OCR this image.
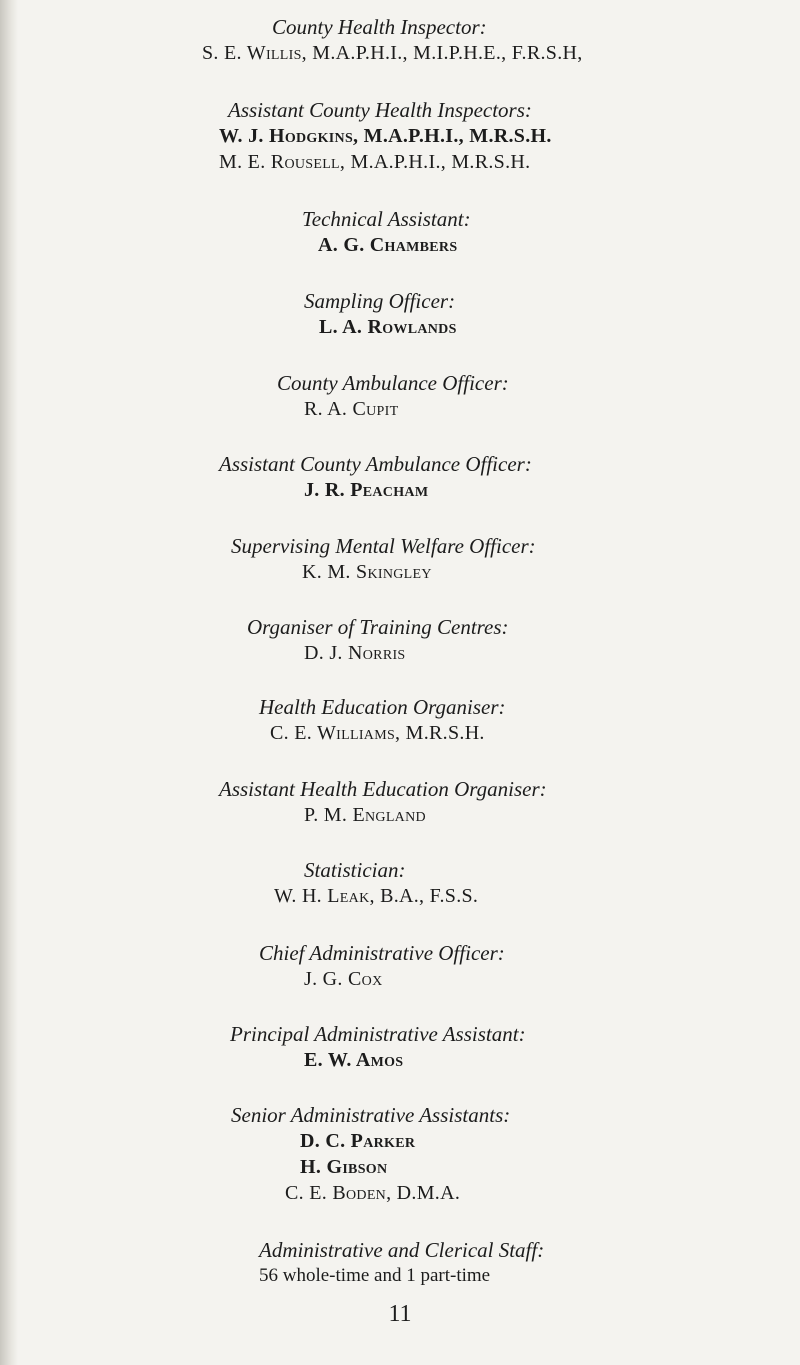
County Health Inspector:
S. E. Willis, M.A.P.H.I., M.I.P.H.E., F.R.S.H,
Assistant County Health Inspectors:
W. J. Hodgkins, M.A.P.H.I., M.R.S.H.
M. E. Rousell, M.A.P.H.I., M.R.S.H.
Technical Assistant:
A. G. Chambers
Sampling Officer:
L. A. Rowlands
County Ambulance Officer:
R. A. Cupit
Assistant County Ambulance Officer:
J. R. Peacham
Supervising Mental Welfare Officer:
K. M. Skingley
Organiser of Training Centres:
D. J. Norris
Health Education Organiser:
C. E. Williams, M.R.S.H.
Assistant Health Education Organiser:
P. M. England
Statistician:
W. H. Leak, B.A., F.S.S.
Chief Administrative Officer:
J. G. Cox
Principal Administrative Assistant:
E. W. Amos
Senior Administrative Assistants:
D. C. Parker
H. Gibson
C. E. Boden, D.M.A.
Administrative and Clerical Staff:
56 whole-time and 1 part-time
11
